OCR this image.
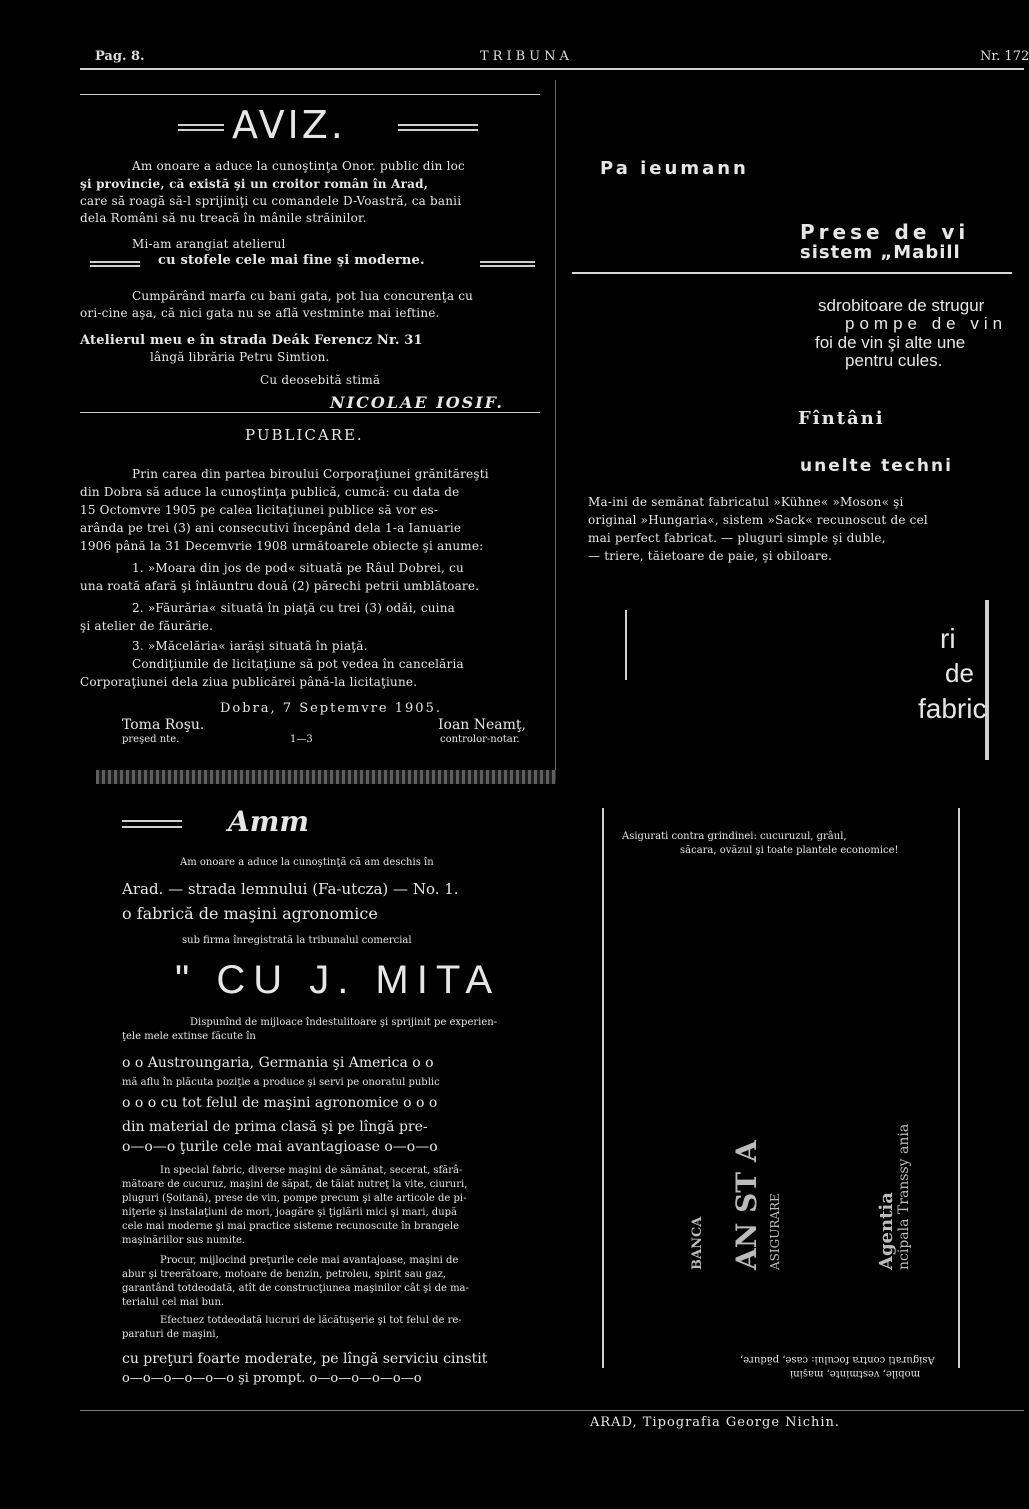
Pag. 8.	TRIBUNA	Nr. 172
AVIZ.
Am onoare a aduce la cunoştinţa Onor. public din loc
şi provincie, că există şi un croitor român în Arad,
care să roagă să-l sprijiniţi cu comandele D-Voastră, ca banii
dela Români să nu treacă în mânile străinilor.
Mi-am arangiat atelierul
cu stofele cele mai fine şi moderne.
Cumpărând marfa cu bani gata, pot lua concurenţa cu
ori-cine aşa, că nici gata nu se află vestminte mai ieftine.
Atelierul meu e în strada Deák Ferencz Nr. 31
lângă librăria Petru Simtion.
Cu deosebită stimă
NICOLAE IOSIF.
PUBLICARE.
Prin carea din partea biroului Corporaţiunei grănităreşti
din Dobra să aduce la cunoştinţa publică, cumcă: cu data de
15 Octomvre 1905 pe calea licitaţiunei publice să vor es-
arânda pe trei (3) ani consecutivi începând dela 1-a Ianuarie
1906 până la 31 Decemvrie 1908 următoarele obiecte şi anume:
1. »Moara din jos de pod« situată pe Râul Dobrei, cu
una roată afară şi înlăuntru două (2) părechi petrii umblătoare.
2. »Făurăria« situată în piaţă cu trei (3) odăi, cuina
şi atelier de făurărie.
3. »Măcelăria« iarăşi situată în piaţă.
Condiţiunile de licitaţiune să pot vedea în cancelăria
Corporaţiunei dela ziua publicărei până-la licitaţiune.
Dobra, 7 Septemvre 1905.
Toma Roşu.
preşed nte.	1—3
Ioan Neamţ,
controlor-notar.
Pa ieumann
Prese de vi
sistem „Mabill
sdrobitoare de strugur
pompe de vin
foi de vin şi alte une
pentru cules.
Fîntâni
unelte techni
Ma-ini de semănat fabricatul »Kühne« »Moson« şi
original »Hungaria«, sistem »Sack« recunoscut de cel
mai perfect fabricat. — pluguri simple şi duble,
— triere, tăietoare de paie, şi obiloare.
ri
de
fabric
Amm
Am onoare a aduce la cunoştinţă că am deschis în
Arad. — strada lemnului (Fa-utcza) — No. 1.
o fabrică de maşini agronomice
sub firma înregistrată la tribunalul comercial
" CU J. MITA
Dispunînd de mijloace îndestulitoare şi sprijinit pe experien-
ţele mele extinse făcute în
o o Austroungaria, Germania şi America o o
mă aflu în plăcuta poziţie a produce şi servi pe onoratul public
o o o cu tot felul de maşini agronomice o o o
din material de prima clasă şi pe lîngă pre-
o—o—o ţurile cele mai avantagioase o—o—o
In special fabric, diverse maşini de sămănat, secerat, sfărâ-
mătoare de cucuruz, maşini de săpat, de tăiat nutreţ la vite, ciururi,
pluguri (Şoitană), prese de vin, pompe precum şi alte articole de pi-
niţerie şi instalaţiuni de mori, joagăre şi ţiglării mici şi mari, după
cele mai moderne şi mai practice sisteme recunoscute în brangele
maşinăriilor sus numite.
Procur, mijlocind preţurile cele mai avantajoase, maşini de
abur şi treerătoare, motoare de benzin, petroleu, spirit sau gaz,
garantând totdeodată, atît de construcţiunea maşinilor cât şi de ma-
terialul cel mai bun.
Efectuez totdeodată lucruri de lăcătuşerie şi tot felul de re-
paraturi de maşini,
cu preţuri foarte moderate, pe lîngă serviciu cinstit
o—o—o—o—o—o şi prompt. o—o—o—o—o—o
Asigurati contra grindinei: cucuruzul, grâul,
săcara, ovăzul şi toate plantele economice!
BANCA AN ST A ASIGURARE	Agentia ncipala Transsy ania
Asigurati contra focului: case, pădure,
mobile, vestminte, maşini
ARAD, Tipografia George Nichin.
